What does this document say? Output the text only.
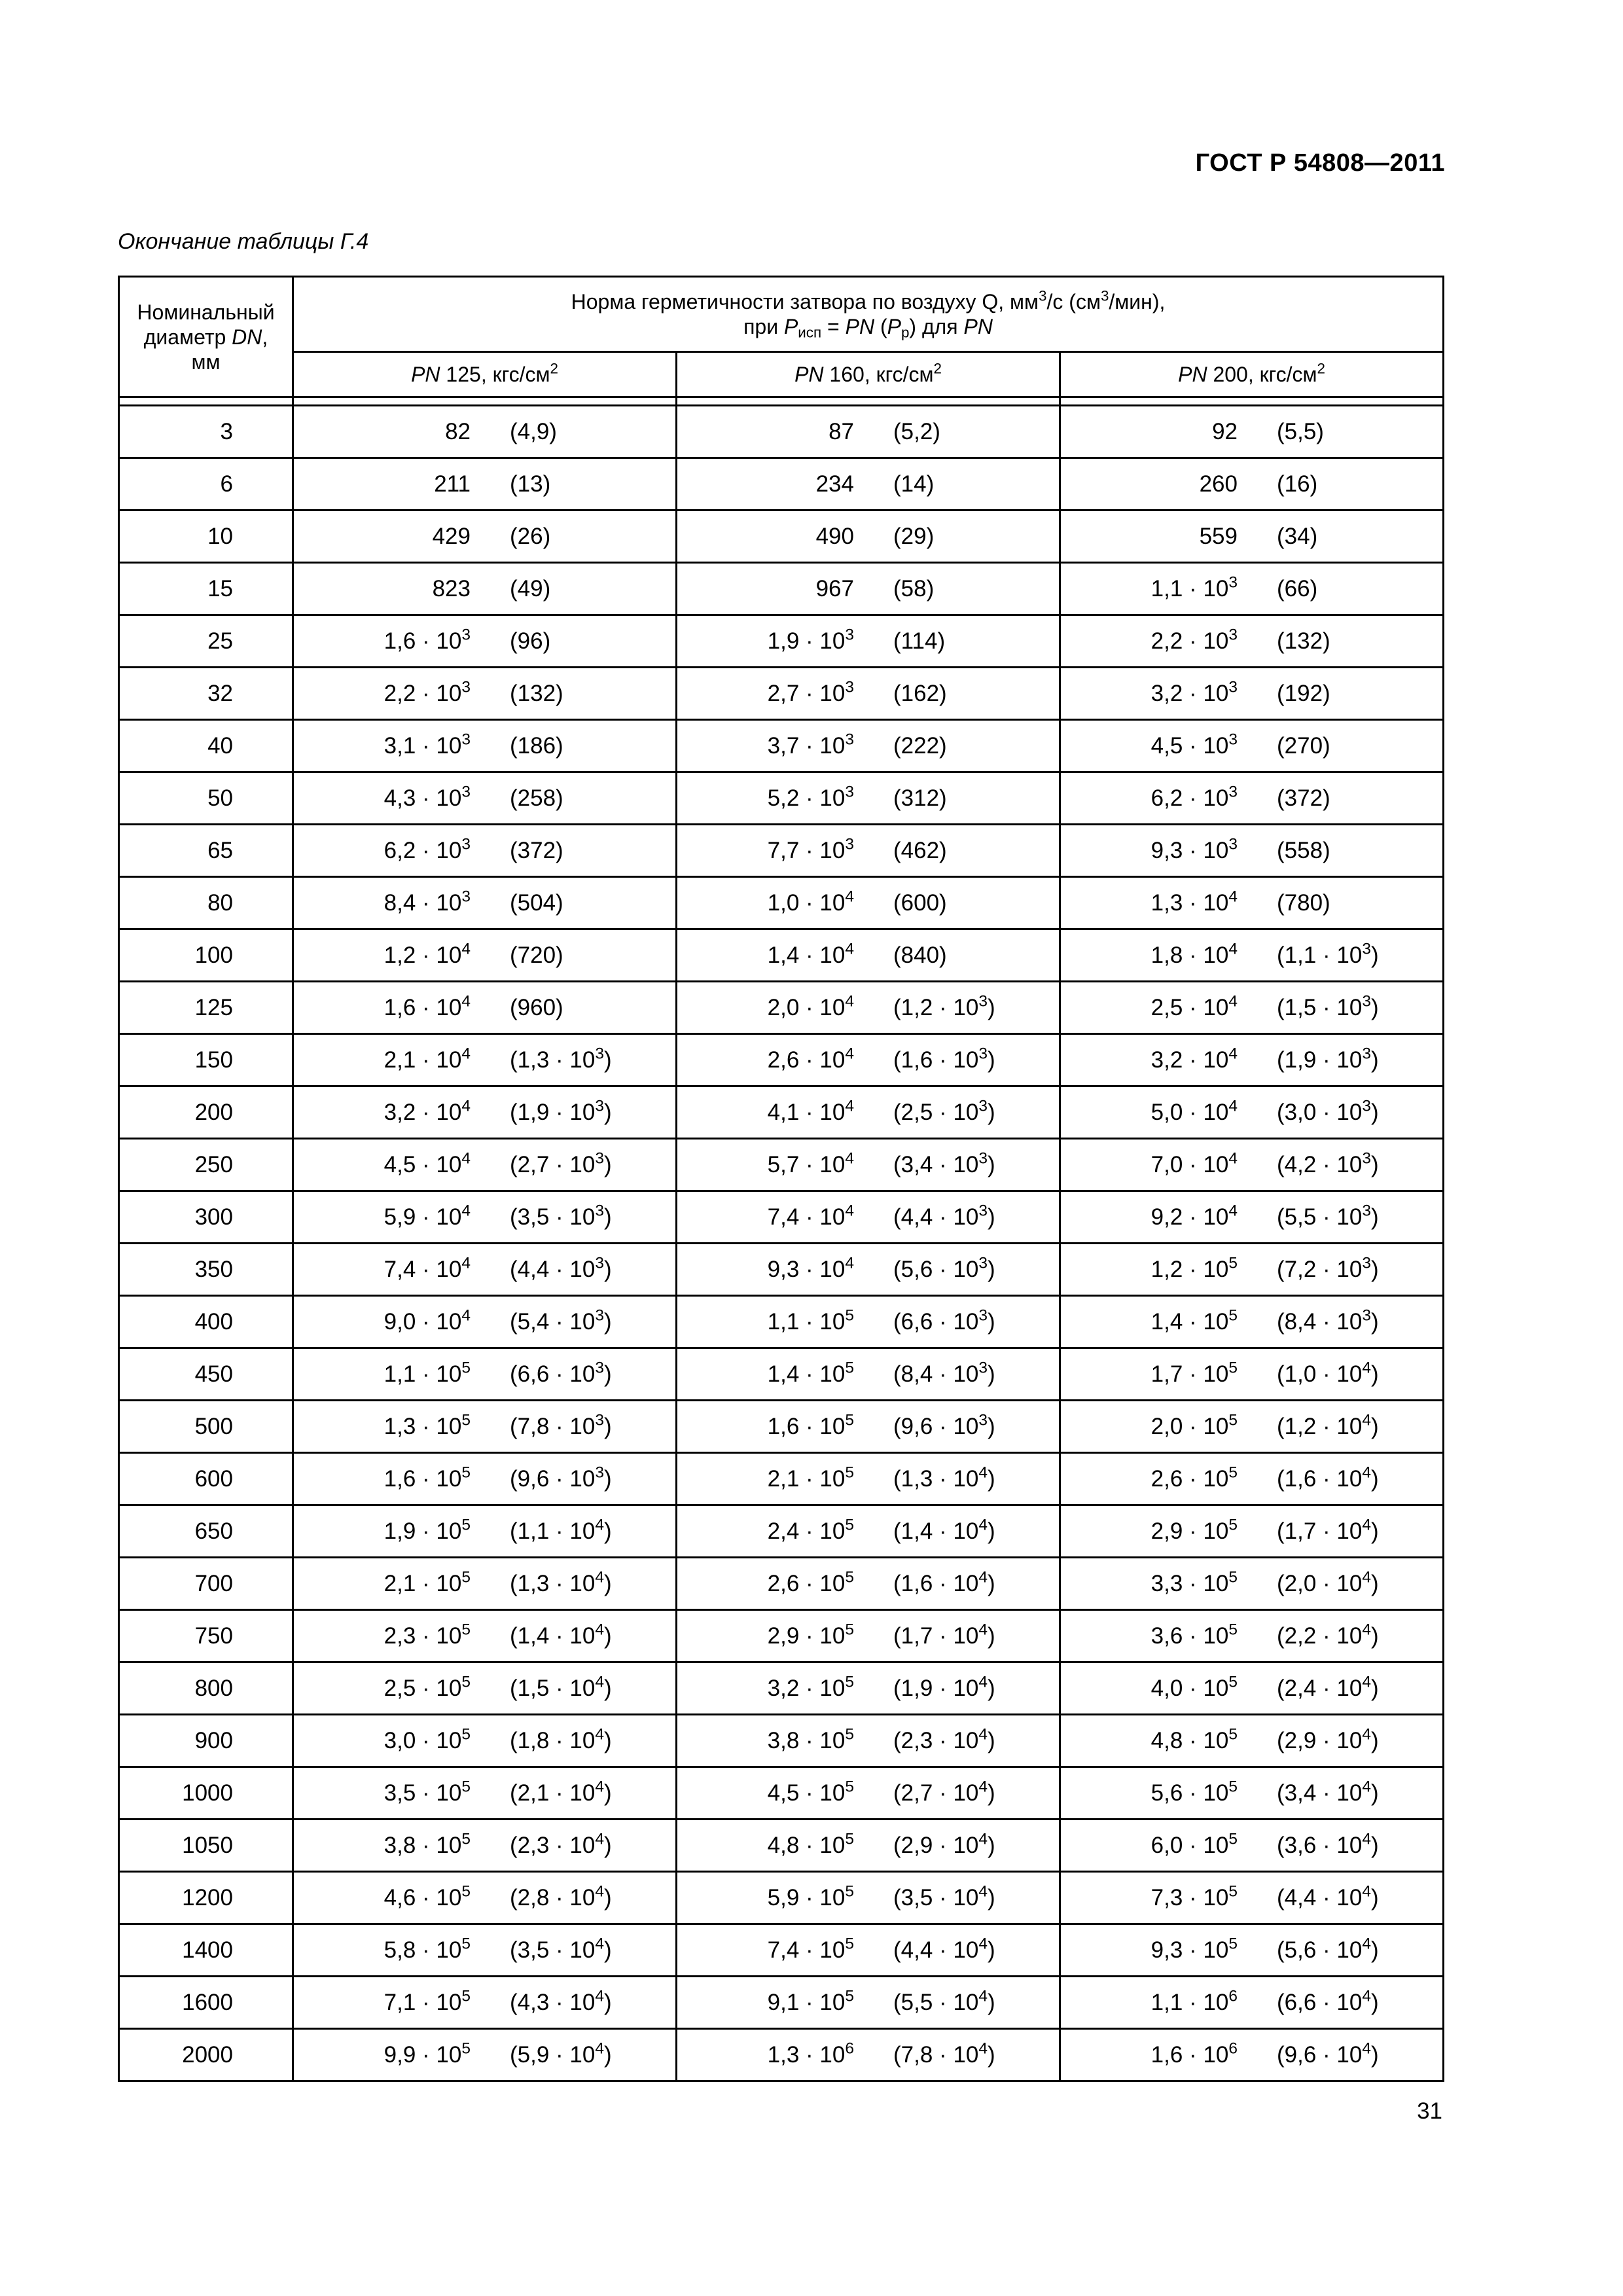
ГОСТ Р 54808—2011
Окончание таблицы Г.4
Номинальный
диаметр DN,
мм	Норма герметичности затвора по воздуху Q, $мм^3/с$ $(см^3/мин)$,
при $P_{исп}$ = PN $(P_p)$ для PN		
	PN 125, кгс/$см^2$	PN 160, кгс/$см^2$	PN 200, кгс/$см^2$

3	82 (4,9)	87 (5,2)	92 (5,5)

6	211 (13)	234 (14)	260 (16)

10	429 (26)	490 (29)	559 (34)

15	823 (49)	967 (58)	$1,1 \cdot 10^3$ (66)

25	$1,6 \cdot 10^3$ (96)	$1,9 \cdot 10^3$ (114)	$2,2 \cdot 10^3$ (132)

32	$2,2 \cdot 10^3$ (132)	$2,7 \cdot 10^3$ (162)	$3,2 \cdot 10^3$ (192)

40	$3,1 \cdot 10^3$ (186)	$3,7 \cdot 10^3$ (222)	$4,5 \cdot 10^3$ (270)

50	$4,3 \cdot 10^3$ (258)	$5,2 \cdot 10^3$ (312)	$6,2 \cdot 10^3$ (372)

65	$6,2 \cdot 10^3$ (372)	$7,7 \cdot 10^3$ (462)	$9,3 \cdot 10^3$ (558)

80	$8,4 \cdot 10^3$ (504)	$1,0 \cdot 10^4$ (600)	$1,3 \cdot 10^4$ (780)

100	$1,2 \cdot 10^4$ (720)	$1,4 \cdot 10^4$ (840)	$1,8 \cdot 10^4$ $(1,1 \cdot 10^3)$

125	$1,6 \cdot 10^4$ (960)	$2,0 \cdot 10^4$ $(1,2 \cdot 10^3)$	$2,5 \cdot 10^4$ $(1,5 \cdot 10^3)$

150	$2,1 \cdot 10^4$ $(1,3 \cdot 10^3)$	$2,6 \cdot 10^4$ $(1,6 \cdot 10^3)$	$3,2 \cdot 10^4$ $(1,9 \cdot 10^3)$

200	$3,2 \cdot 10^4$ $(1,9 \cdot 10^3)$	$4,1 \cdot 10^4$ $(2,5 \cdot 10^3)$	$5,0 \cdot 10^4$ $(3,0 \cdot 10^3)$

250	$4,5 \cdot 10^4$ $(2,7 \cdot 10^3)$	$5,7 \cdot 10^4$ $(3,4 \cdot 10^3)$	$7,0 \cdot 10^4$ $(4,2 \cdot 10^3)$

300	$5,9 \cdot 10^4$ $(3,5 \cdot 10^3)$	$7,4 \cdot 10^4$ $(4,4 \cdot 10^3)$	$9,2 \cdot 10^4$ $(5,5 \cdot 10^3)$

350	$7,4 \cdot 10^4$ $(4,4 \cdot 10^3)$	$9,3 \cdot 10^4$ $(5,6 \cdot 10^3)$	$1,2 \cdot 10^5$ $(7,2 \cdot 10^3)$

400	$9,0 \cdot 10^4$ $(5,4 \cdot 10^3)$	$1,1 \cdot 10^5$ $(6,6 \cdot 10^3)$	$1,4 \cdot 10^5$ $(8,4 \cdot 10^3)$

450	$1,1 \cdot 10^5$ $(6,6 \cdot 10^3)$	$1,4 \cdot 10^5$ $(8,4 \cdot 10^3)$	$1,7 \cdot 10^5$ $(1,0 \cdot 10^4)$

500	$1,3 \cdot 10^5$ $(7,8 \cdot 10^3)$	$1,6 \cdot 10^5$ $(9,6 \cdot 10^3)$	$2,0 \cdot 10^5$ $(1,2 \cdot 10^4)$

600	$1,6 \cdot 10^5$ $(9,6 \cdot 10^3)$	$2,1 \cdot 10^5$ $(1,3 \cdot 10^4)$	$2,6 \cdot 10^5$ $(1,6 \cdot 10^4)$

650	$1,9 \cdot 10^5$ $(1,1 \cdot 10^4)$	$2,4 \cdot 10^5$ $(1,4 \cdot 10^4)$	$2,9 \cdot 10^5$ $(1,7 \cdot 10^4)$

700	$2,1 \cdot 10^5$ $(1,3 \cdot 10^4)$	$2,6 \cdot 10^5$ $(1,6 \cdot 10^4)$	$3,3 \cdot 10^5$ $(2,0 \cdot 10^4)$

750	$2,3 \cdot 10^5$ $(1,4 \cdot 10^4)$	$2,9 \cdot 10^5$ $(1,7 \cdot 10^4)$	$3,6 \cdot 10^5$ $(2,2 \cdot 10^4)$

800	$2,5 \cdot 10^5$ $(1,5 \cdot 10^4)$	$3,2 \cdot 10^5$ $(1,9 \cdot 10^4)$	$4,0 \cdot 10^5$ $(2,4 \cdot 10^4)$

900	$3,0 \cdot 10^5$ $(1,8 \cdot 10^4)$	$3,8 \cdot 10^5$ $(2,3 \cdot 10^4)$	$4,8 \cdot 10^5$ $(2,9 \cdot 10^4)$

1000	$3,5 \cdot 10^5$ $(2,1 \cdot 10^4)$	$4,5 \cdot 10^5$ $(2,7 \cdot 10^4)$	$5,6 \cdot 10^5$ $(3,4 \cdot 10^4)$

1050	$3,8 \cdot 10^5$ $(2,3 \cdot 10^4)$	$4,8 \cdot 10^5$ $(2,9 \cdot 10^4)$	$6,0 \cdot 10^5$ $(3,6 \cdot 10^4)$

1200	$4,6 \cdot 10^5$ $(2,8 \cdot 10^4)$	$5,9 \cdot 10^5$ $(3,5 \cdot 10^4)$	$7,3 \cdot 10^5$ $(4,4 \cdot 10^4)$

1400	$5,8 \cdot 10^5$ $(3,5 \cdot 10^4)$	$7,4 \cdot 10^5$ $(4,4 \cdot 10^4)$	$9,3 \cdot 10^5$ $(5,6 \cdot 10^4)$

1600	$7,1 \cdot 10^5$ $(4,3 \cdot 10^4)$	$9,1 \cdot 10^5$ $(5,5 \cdot 10^4)$	$1,1 \cdot 10^6$ $(6,6 \cdot 10^4)$

2000	$9,9 \cdot 10^5$ $(5,9 \cdot 10^4)$	$1,3 \cdot 10^6$ $(7,8 \cdot 10^4)$	$1,6 \cdot 10^6$ $(9,6 \cdot 10^4)$
31
